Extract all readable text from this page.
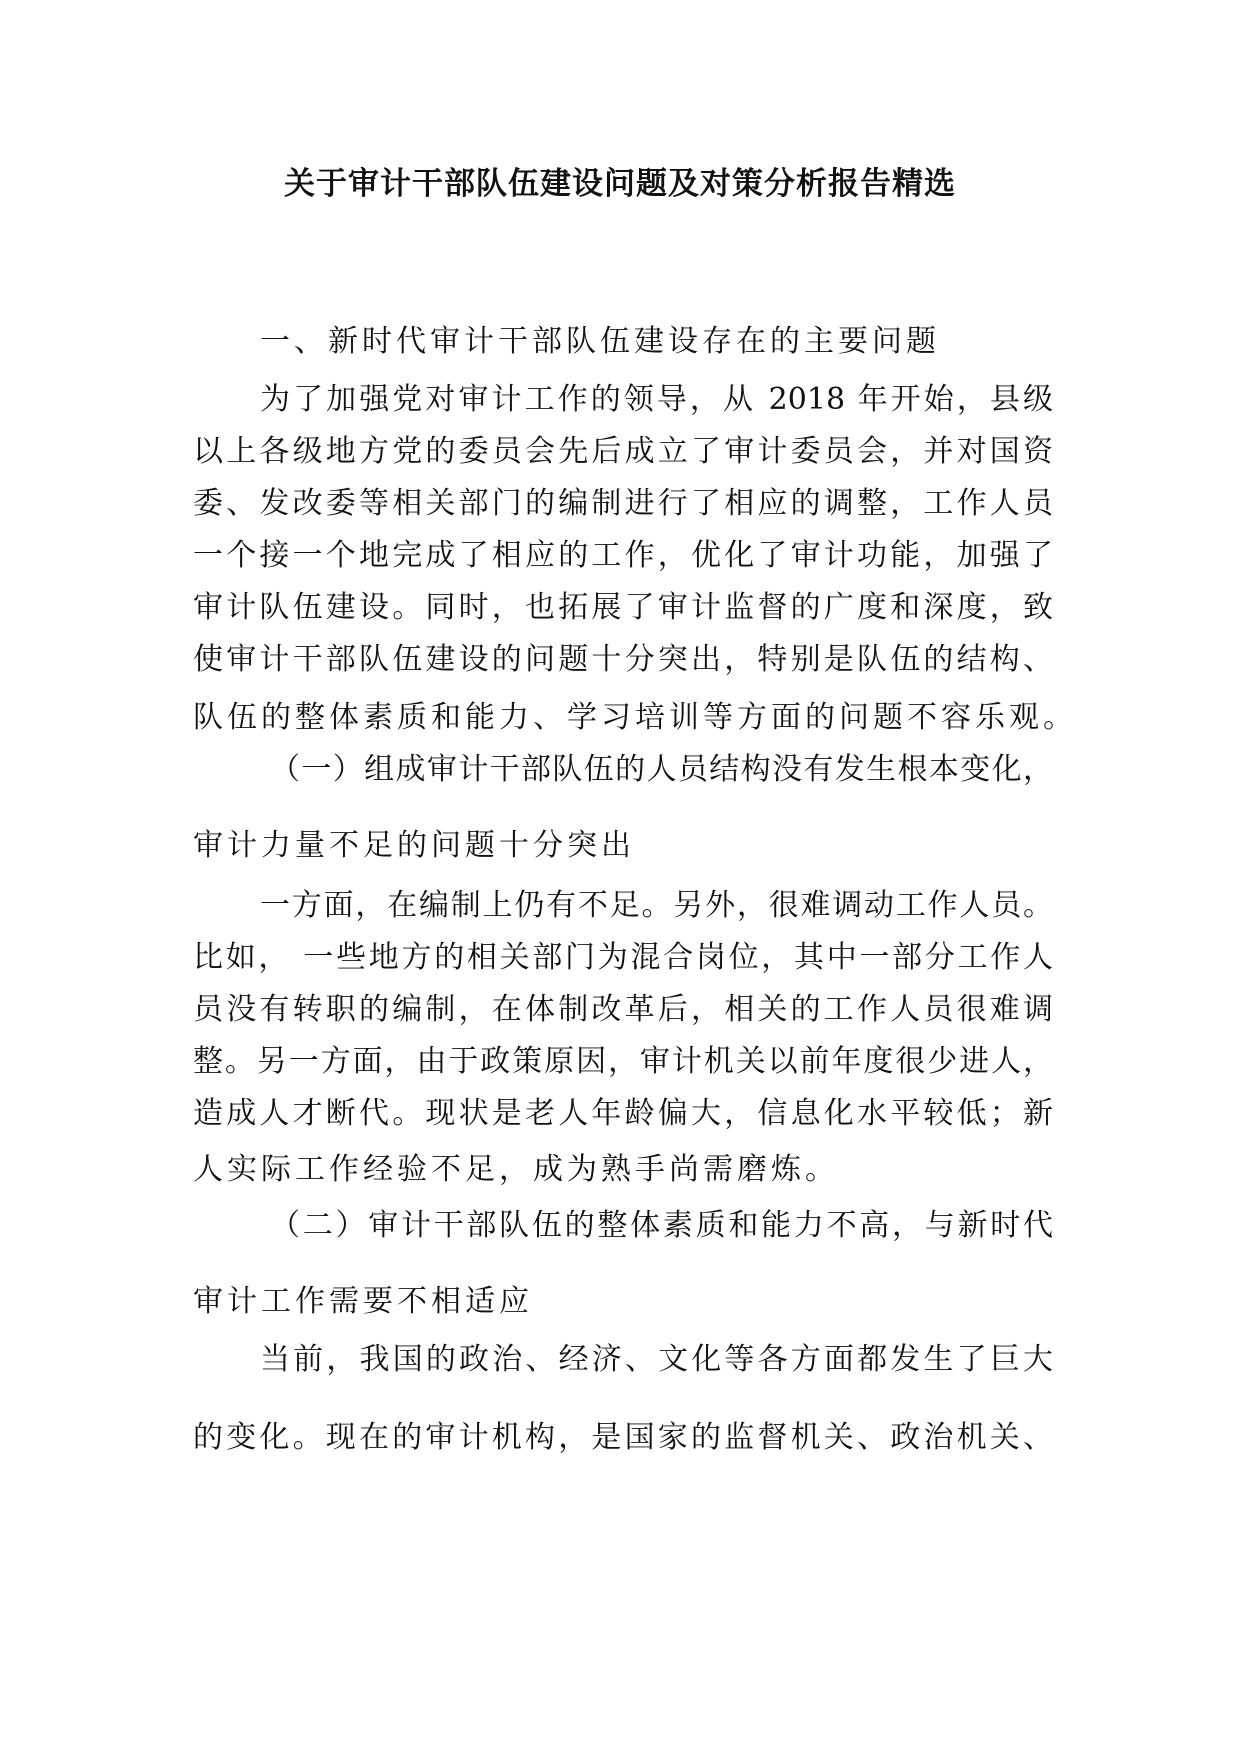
关于审计干部队伍建设问题及对策分析报告精选
一、新时代审计干部队伍建设存在的主要问题
为了加强党对审计工作的领导，从 2018 年开始，县级
以上各级地方党的委员会先后成立了审计委员会，并对国资
委、发改委等相关部门的编制进行了相应的调整，工作人员
一个接一个地完成了相应的工作，优化了审计功能，加强了
审计队伍建设。同时，也拓展了审计监督的广度和深度，致
使审计干部队伍建设的问题十分突出，特别是队伍的结构、
队伍的整体素质和能力、学习培训等方面的问题不容乐观。
（一）组成审计干部队伍的人员结构没有发生根本变化，
审计力量不足的问题十分突出
一方面，在编制上仍有不足。另外，很难调动工作人员。
比如， 一些地方的相关部门为混合岗位，其中一部分工作人
员没有转职的编制，在体制改革后，相关的工作人员很难调
整。另一方面，由于政策原因，审计机关以前年度很少进人，
造成人才断代。现状是老人年龄偏大，信息化水平较低；新
人实际工作经验不足，成为熟手尚需磨炼。
（二）审计干部队伍的整体素质和能力不高，与新时代
审计工作需要不相适应
当前，我国的政治、经济、文化等各方面都发生了巨大
的变化。现在的审计机构，是国家的监督机关、政治机关、
